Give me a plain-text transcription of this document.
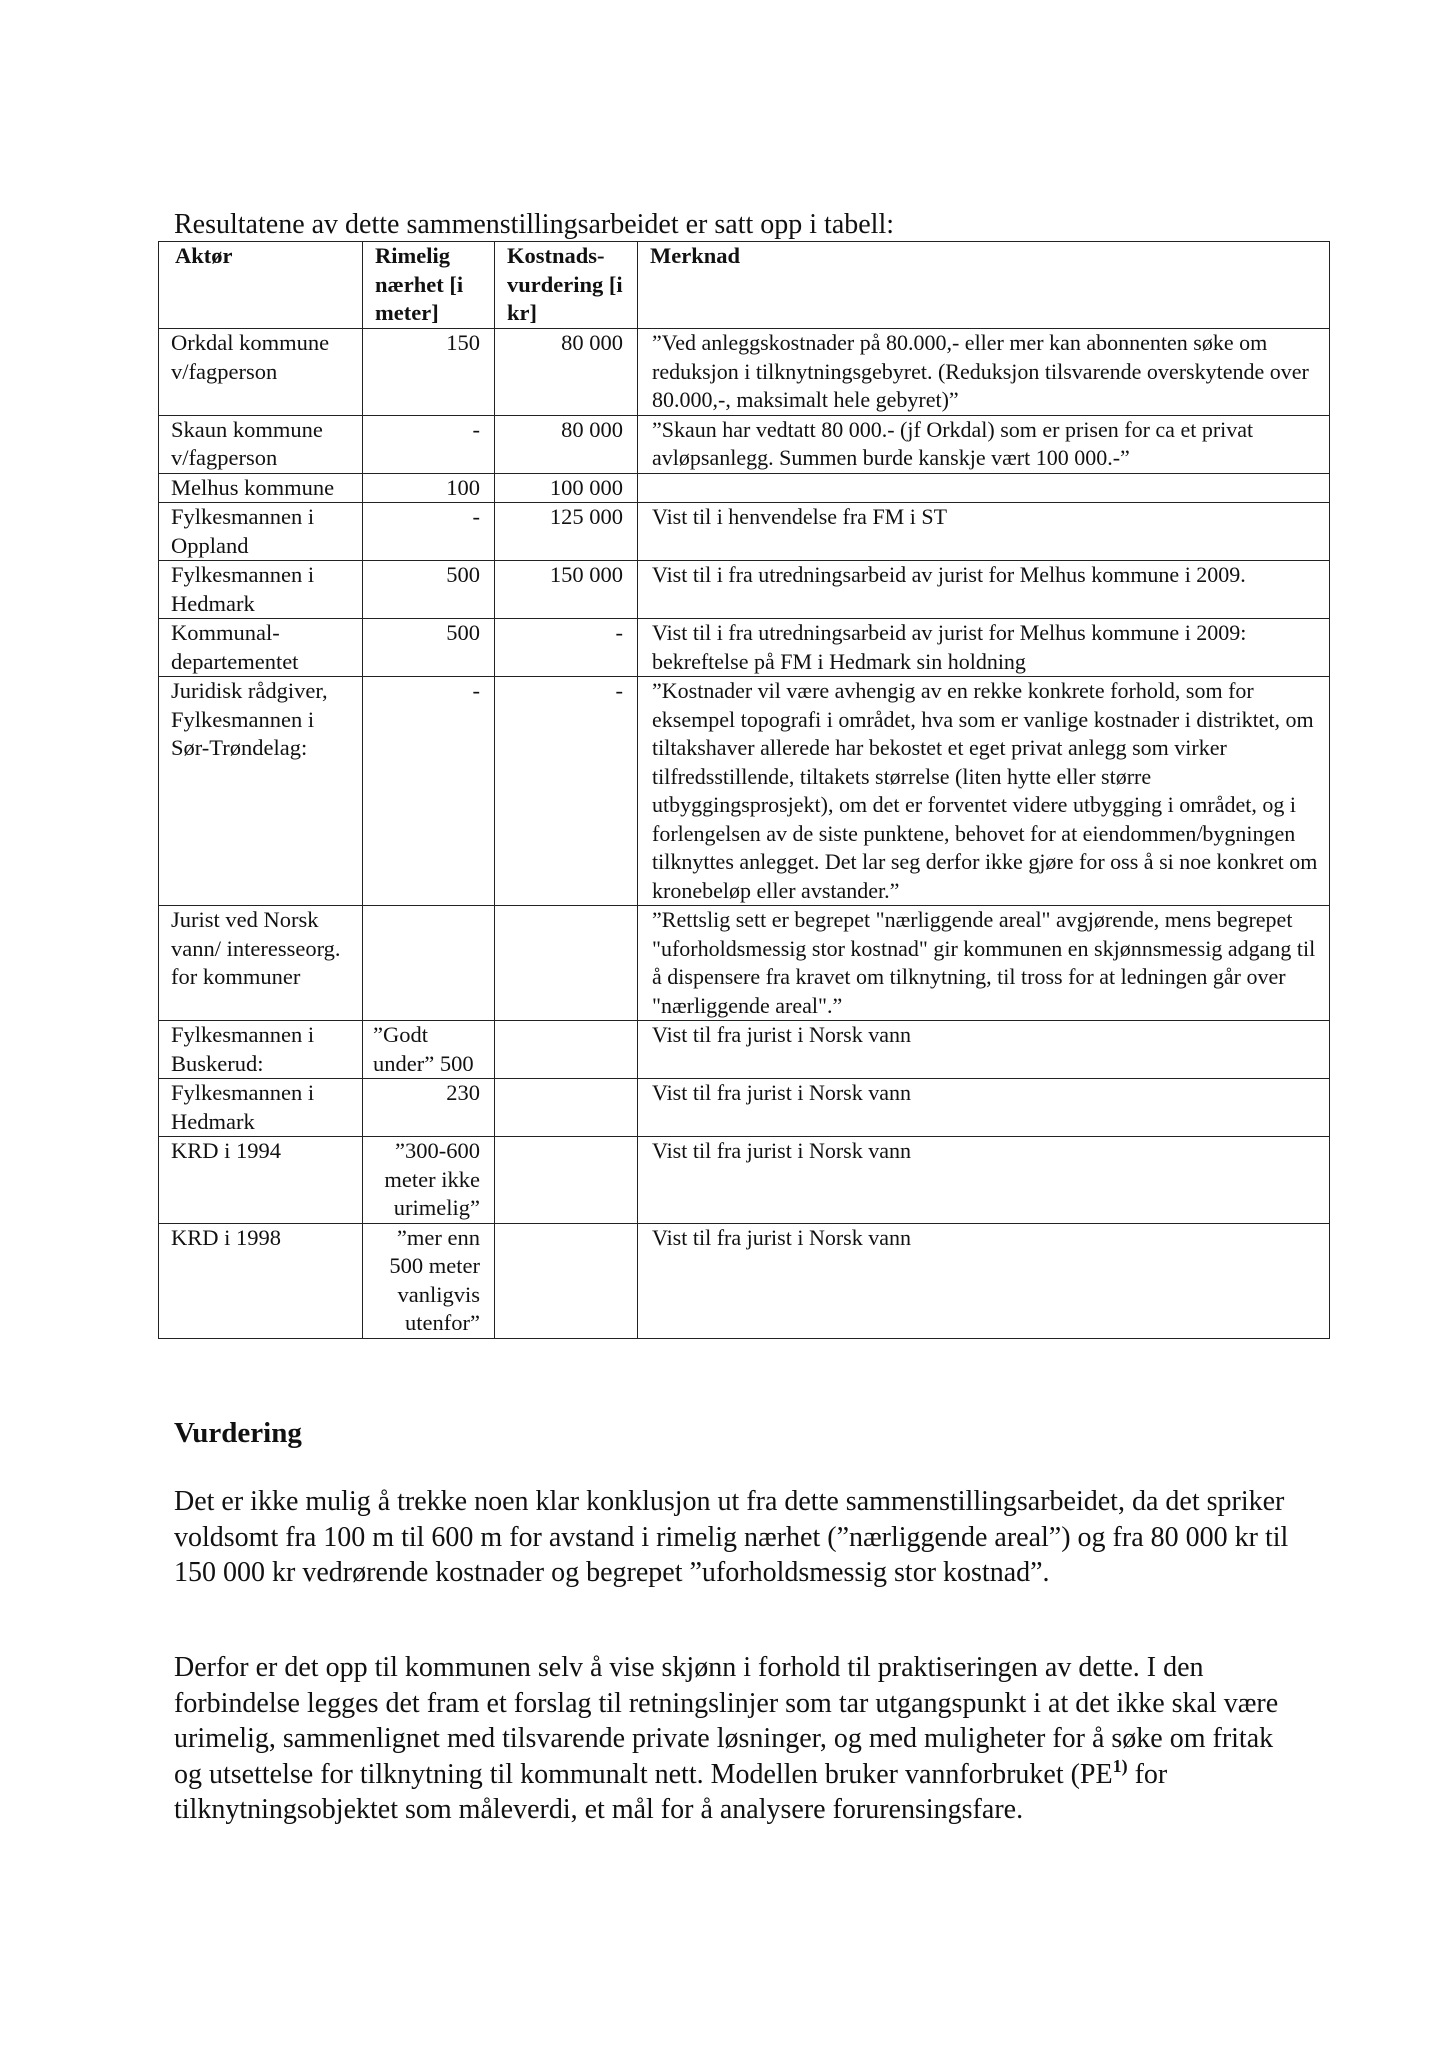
Resultatene av dette sammenstillingsarbeidet er satt opp i tabell:

Aktør	Rimelig nærhet [i meter]	Kostnads-vurdering [i kr]	Merknad
Orkdal kommune v/fagperson	150	80 000	”Ved anleggskostnader på 80.000,- eller mer kan abonnenten søke om reduksjon i tilknytningsgebyret. (Reduksjon tilsvarende overskytende over 80.000,-, maksimalt hele gebyret)”
Skaun kommune v/fagperson	-	80 000	”Skaun har vedtatt 80 000.- (jf Orkdal) som er prisen for ca et privat avløpsanlegg. Summen burde kanskje vært 100 000.-”
Melhus kommune	100	100 000	
Fylkesmannen i Oppland	-	125 000	Vist til i henvendelse fra FM i ST
Fylkesmannen i Hedmark	500	150 000	Vist til i fra utredningsarbeid av jurist for Melhus kommune i 2009.
Kommunal-departementet	500	-	Vist til i fra utredningsarbeid av jurist for Melhus kommune i 2009: bekreftelse på FM i Hedmark sin holdning
Juridisk rådgiver, Fylkesmannen i Sør-Trøndelag:	-	-	”Kostnader vil være avhengig av en rekke konkrete forhold, som for eksempel topografi i området, hva som er vanlige kostnader i distriktet, om tiltakshaver allerede har bekostet et eget privat anlegg som virker tilfredsstillende, tiltakets størrelse (liten hytte eller større utbyggingsprosjekt), om det er forventet videre utbygging i området, og i forlengelsen av de siste punktene, behovet for at eiendommen/bygningen tilknyttes anlegget. Det lar seg derfor ikke gjøre for oss å si noe konkret om kronebeløp eller avstander.”
Jurist ved Norsk vann/ interesseorg. for kommuner			”Rettslig sett er begrepet "nærliggende areal" avgjørende, mens begrepet "uforholdsmessig stor kostnad" gir kommunen en skjønnsmessig adgang til å dispensere fra kravet om tilknytning, til tross for at ledningen går over "nærliggende areal".”
Fylkesmannen i Buskerud:	”Godt under” 500		Vist til fra jurist i Norsk vann
Fylkesmannen i Hedmark	230		Vist til fra jurist i Norsk vann
KRD i 1994	”300-600 meter ikke urimelig”		Vist til fra jurist i Norsk vann
KRD i 1998	”mer enn 500 meter vanligvis utenfor”		Vist til fra jurist i Norsk vann
Vurdering

Det er ikke mulig å trekke noen klar konklusjon ut fra dette sammenstillingsarbeidet, da det spriker voldsomt fra 100 m til 600 m for avstand i rimelig nærhet (”nærliggende areal”) og fra 80 000 kr til 150 000 kr vedrørende kostnader og begrepet ”uforholdsmessig stor kostnad”.

Derfor er det opp til kommunen selv å vise skjønn i forhold til praktiseringen av dette. I den forbindelse legges det fram et forslag til retningslinjer som tar utgangspunkt i at det ikke skal være urimelig, sammenlignet med tilsvarende private løsninger, og med muligheter for å søke om fritak og utsettelse for tilknytning til kommunalt nett. Modellen bruker vannforbruket (PE$^{1)}$ for tilknytningsobjektet som måleverdi, et mål for å analysere forurensingsfare.
